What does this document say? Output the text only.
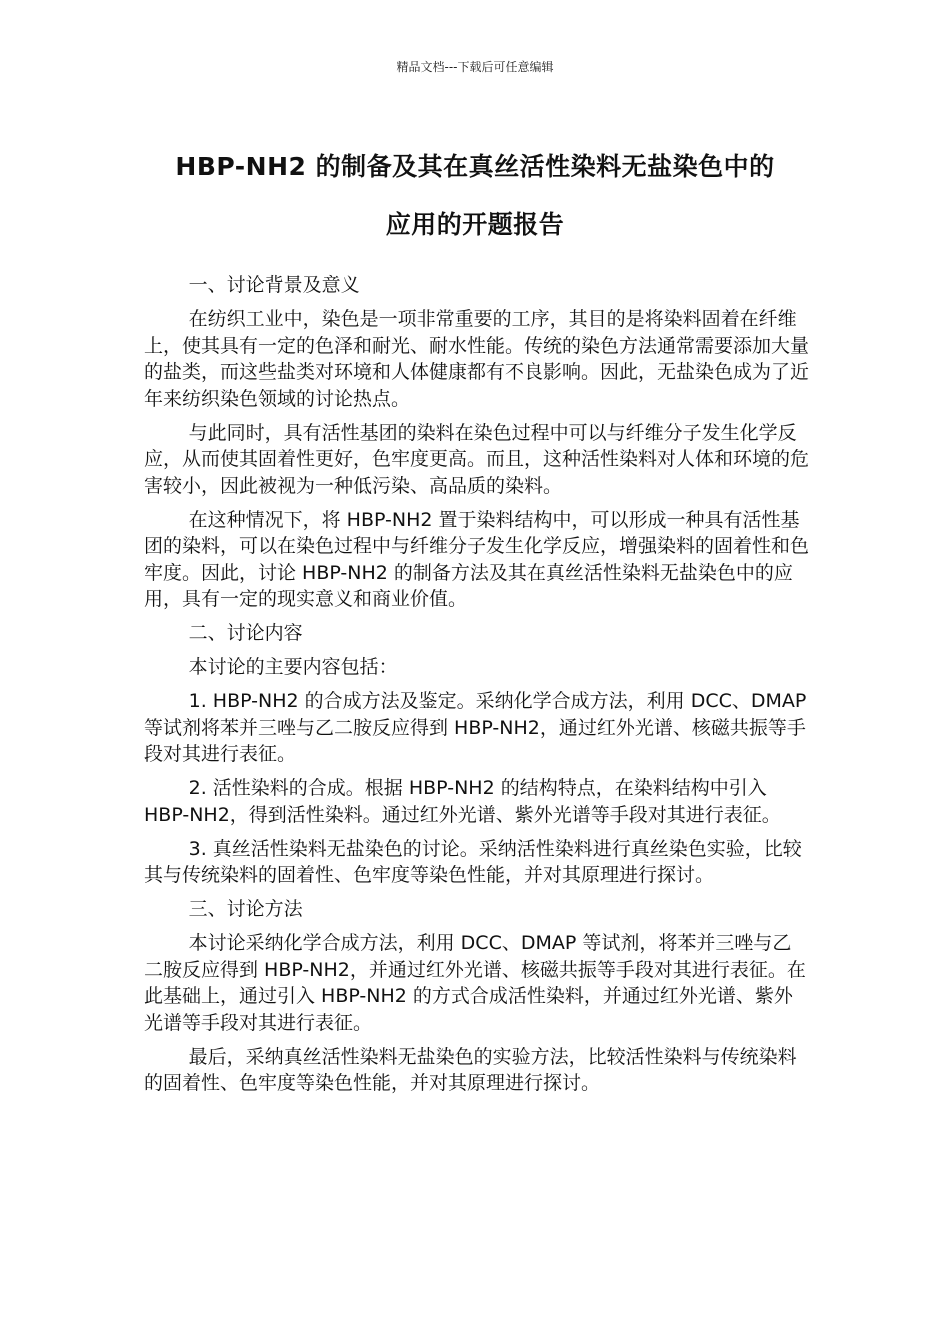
精品文档---下载后可任意编辑
HBP-NH2 的制备及其在真丝活性染料无盐染色中的
应用的开题报告

一、讨论背景及意义

在纺织工业中，染色是一项非常重要的工序，其目的是将染料固着在纤维上，使其具有一定的色泽和耐光、耐水性能。传统的染色方法通常需要添加大量的盐类，而这些盐类对环境和人体健康都有不良影响。因此，无盐染色成为了近年来纺织染色领域的讨论热点。

与此同时，具有活性基团的染料在染色过程中可以与纤维分子发生化学反应，从而使其固着性更好，色牢度更高。而且，这种活性染料对人体和环境的危害较小，因此被视为一种低污染、高品质的染料。

在这种情况下，将 HBP-NH2 置于染料结构中，可以形成一种具有活性基团的染料，可以在染色过程中与纤维分子发生化学反应，增强染料的固着性和色牢度。因此，讨论 HBP-NH2 的制备方法及其在真丝活性染料无盐染色中的应用，具有一定的现实意义和商业价值。

二、讨论内容

本讨论的主要内容包括：

1. HBP-NH2 的合成方法及鉴定。采纳化学合成方法，利用 DCC、DMAP 等试剂将苯并三唑与乙二胺反应得到 HBP-NH2，通过红外光谱、核磁共振等手段对其进行表征。

2. 活性染料的合成。根据 HBP-NH2 的结构特点，在染料结构中引入 HBP-NH2，得到活性染料。通过红外光谱、紫外光谱等手段对其进行表征。

3. 真丝活性染料无盐染色的讨论。采纳活性染料进行真丝染色实验，比较其与传统染料的固着性、色牢度等染色性能，并对其原理进行探讨。

三、讨论方法

本讨论采纳化学合成方法，利用 DCC、DMAP 等试剂，将苯并三唑与乙二胺反应得到 HBP-NH2，并通过红外光谱、核磁共振等手段对其进行表征。在此基础上，通过引入 HBP-NH2 的方式合成活性染料，并通过红外光谱、紫外光谱等手段对其进行表征。

最后，采纳真丝活性染料无盐染色的实验方法，比较活性染料与传统染料的固着性、色牢度等染色性能，并对其原理进行探讨。
